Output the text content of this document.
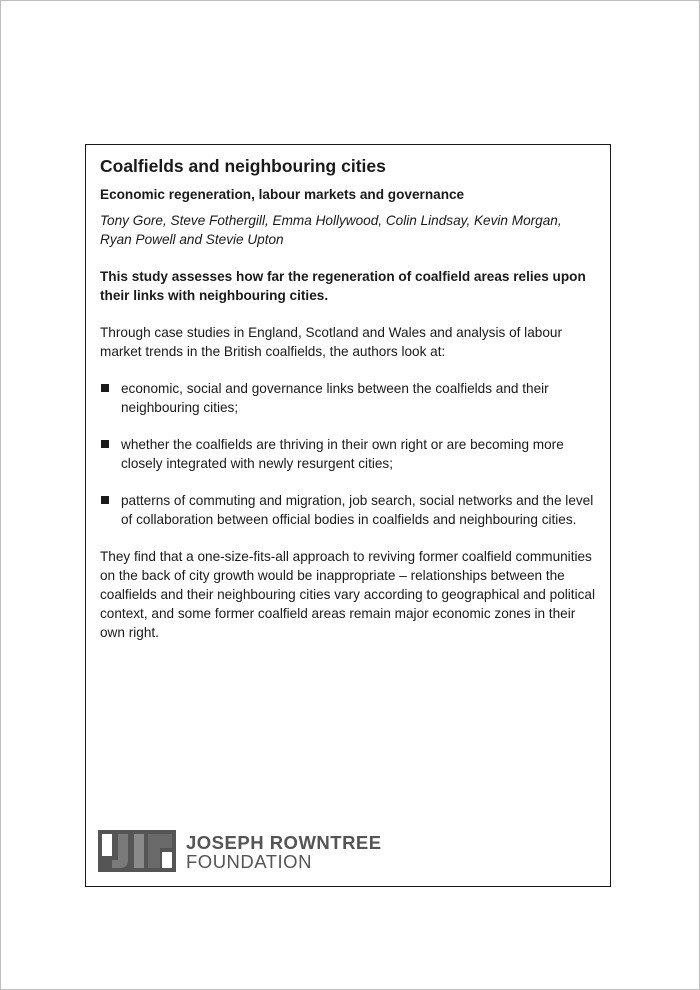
Coalfields and neighbouring cities

Economic regeneration, labour markets and governance

Tony Gore, Steve Fothergill, Emma Hollywood, Colin Lindsay, Kevin Morgan,
Ryan Powell and Stevie Upton

This study assesses how far the regeneration of coalfield areas relies upon their links with neighbouring cities.

Through case studies in England, Scotland and Wales and analysis of labour market trends in the British coalfields, the authors look at:

economic, social and governance links between the coalfields and their neighbouring cities;
whether the coalfields are thriving in their own right or are becoming more closely integrated with newly resurgent cities;
patterns of commuting and migration, job search, social networks and the level of collaboration between official bodies in coalfields and neighbouring cities.

They find that a one-size-fits-all approach to reviving former coalfield communities on the back of city growth would be inappropriate – relationships between the coalfields and their neighbouring cities vary according to geographical and political context, and some former coalfield areas remain major economic zones in their own right.

JOSEPH ROWNTREE
FOUNDATION
